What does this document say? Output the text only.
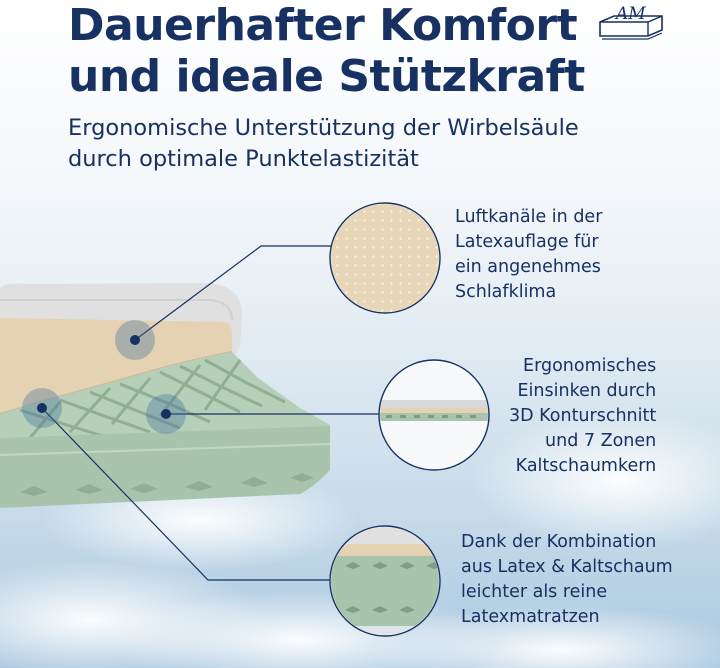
Dauerhafter Komfort
und ideale Stützkraft
AM

Ergonomische Unterstützung der Wirbelsäule
durch optimale Punktelastizität

Luftkanäle in der
Latexauflage für
ein angenehmes
Schlafklima

Ergonomisches
Einsinken durch
3D Konturschnitt
und 7 Zonen
Kaltschaumkern

Dank der Kombination
aus Latex & Kaltschaum
leichter als reine
Latexmatratzen
